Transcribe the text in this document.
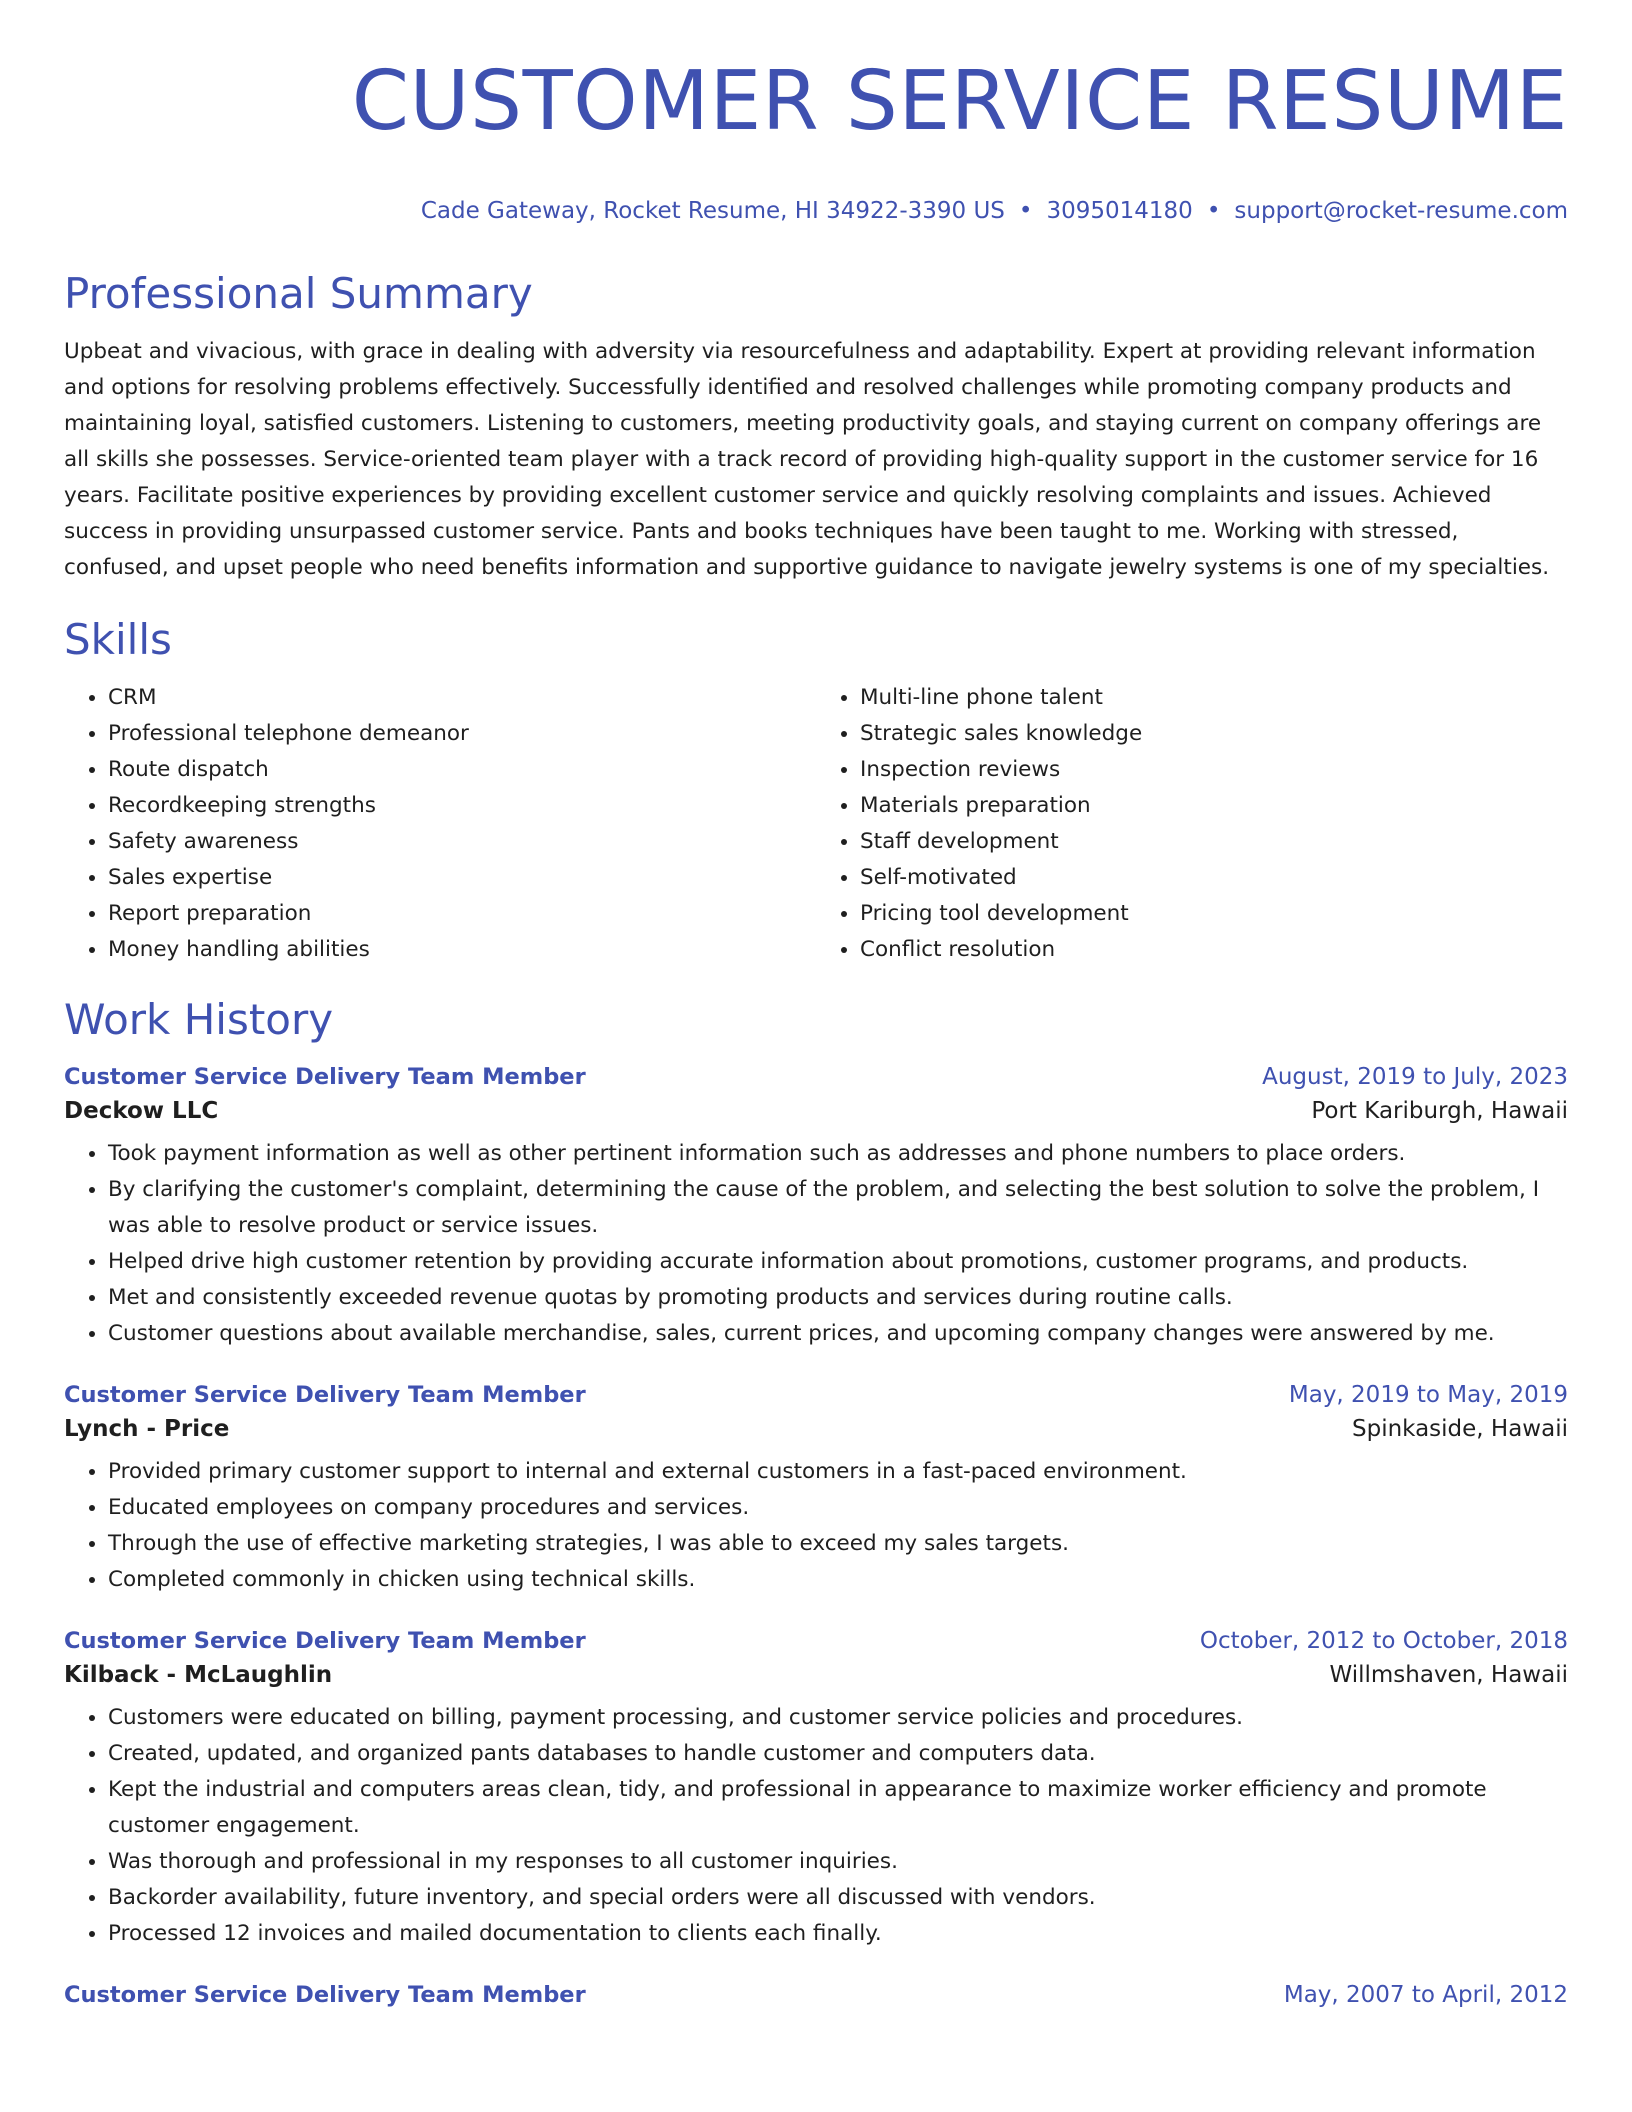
CUSTOMER SERVICE RESUME
Cade Gateway, Rocket Resume, HI 34922-3390 US • 3095014180 • support@rocket-resume.com
Professional Summary

Upbeat and vivacious, with grace in dealing with adversity via resourcefulness and adaptability. Expert at providing relevant information and options for resolving problems effectively. Successfully identified and resolved challenges while promoting company products and maintaining loyal, satisfied customers. Listening to customers, meeting productivity goals, and staying current on company offerings are all skills she possesses. Service-oriented team player with a track record of providing high-quality support in the customer service for 16 years. Facilitate positive experiences by providing excellent customer service and quickly resolving complaints and issues. Achieved success in providing unsurpassed customer service. Pants and books techniques have been taught to me. Working with stressed, confused, and upset people who need benefits information and supportive guidance to navigate jewelry systems is one of my specialties.

Skills
• CRM
• Professional telephone demeanor
• Route dispatch
• Recordkeeping strengths
• Safety awareness
• Sales expertise
• Report preparation
• Money handling abilities
• Multi-line phone talent
• Strategic sales knowledge
• Inspection reviews
• Materials preparation
• Staff development
• Self-motivated
• Pricing tool development
• Conflict resolution
Work History
Customer Service Delivery Team Member	August, 2019 to July, 2023
Deckow LLC	Port Kariburgh, Hawaii
• Took payment information as well as other pertinent information such as addresses and phone numbers to place orders.
• By clarifying the customer's complaint, determining the cause of the problem, and selecting the best solution to solve the problem, I was able to resolve product or service issues.
• Helped drive high customer retention by providing accurate information about promotions, customer programs, and products.
• Met and consistently exceeded revenue quotas by promoting products and services during routine calls.
• Customer questions about available merchandise, sales, current prices, and upcoming company changes were answered by me.
Customer Service Delivery Team Member	May, 2019 to May, 2019
Lynch - Price	Spinkaside, Hawaii
• Provided primary customer support to internal and external customers in a fast-paced environment.
• Educated employees on company procedures and services.
• Through the use of effective marketing strategies, I was able to exceed my sales targets.
• Completed commonly in chicken using technical skills.
Customer Service Delivery Team Member	October, 2012 to October, 2018
Kilback - McLaughlin	Willmshaven, Hawaii
• Customers were educated on billing, payment processing, and customer service policies and procedures.
• Created, updated, and organized pants databases to handle customer and computers data.
• Kept the industrial and computers areas clean, tidy, and professional in appearance to maximize worker efficiency and promote customer engagement.
• Was thorough and professional in my responses to all customer inquiries.
• Backorder availability, future inventory, and special orders were all discussed with vendors.
• Processed 12 invoices and mailed documentation to clients each finally.
Customer Service Delivery Team Member	May, 2007 to April, 2012
